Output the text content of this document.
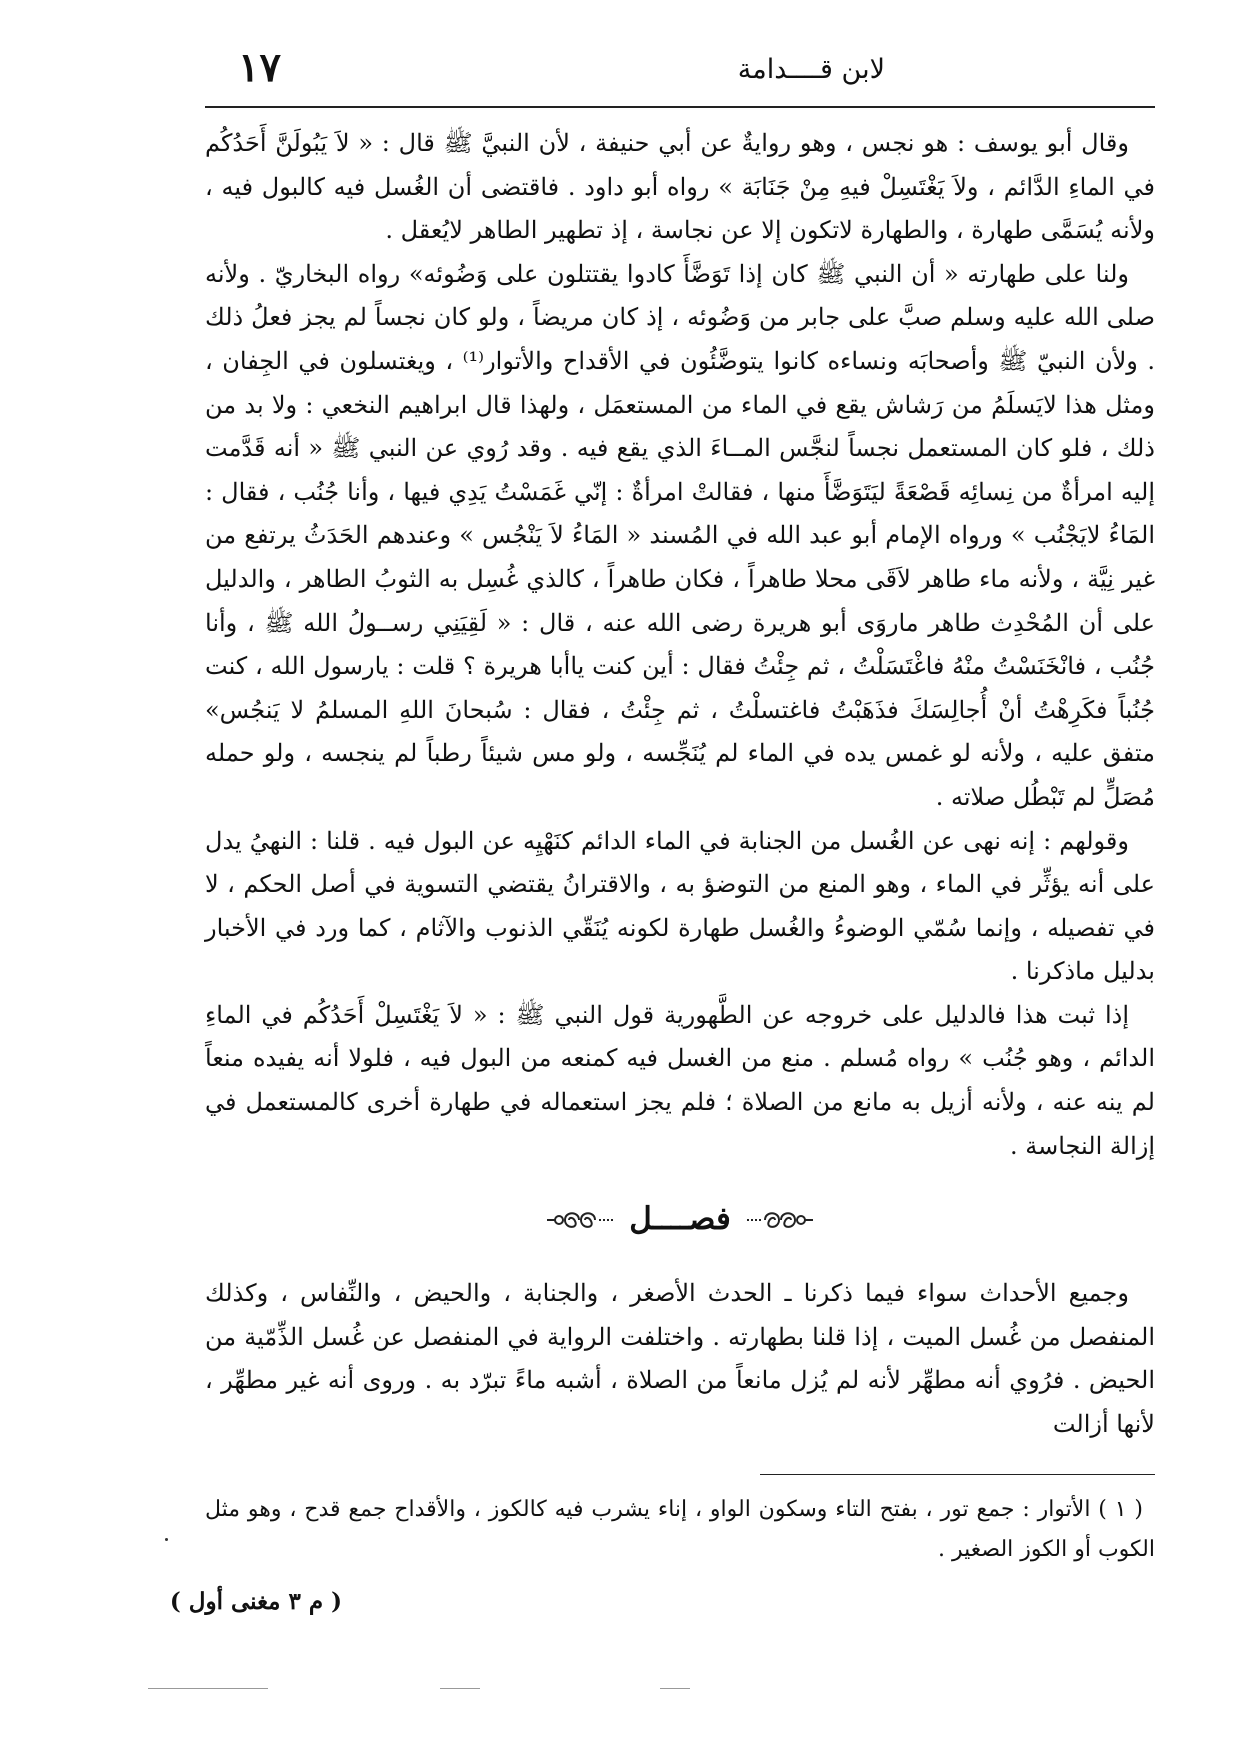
لابن قــــدامة
١٧

وقال أبو يوسف : هو نجس ، وهو روايةٌ عن أبي حنيفة ، لأن النبيَّ ﷺ قال : « لاَ يَبُولَنَّ أَحَدُكُم في الماءِ الدَّائم ، ولاَ يَغْتَسِلْ فيهِ مِنْ جَنَابَة » رواه أبو داود . فاقتضى أن الغُسل فيه كالبول فيه ، ولأنه يُسَمَّى طهارة ، والطهارة لاتكون إلا عن نجاسة ، إذ تطهير الطاهر لايُعقل .

ولنا على طهارته « أن النبي ﷺ كان إذا تَوَضَّأَ كادوا يقتتلون على وَضُوئه» رواه البخاريّ . ولأنه صلى الله عليه وسلم صبَّ على جابر من وَضُوئه ، إذ كان مريضاً ، ولو كان نجساً لم يجز فعلُ ذلك . ولأن النبيّ ﷺ وأصحابَه ونساءه كانوا يتوضَّئُون في الأقداح والأتوار⁽¹⁾ ، ويغتسلون في الجِفان ، ومثل هذا لايَسلَمُ من رَشاش يقع في الماء من المستعمَل ، ولهذا قال ابراهيم النخعي : ولا بد من ذلك ، فلو كان المستعمل نجساً لنجَّس المــاءَ الذي يقع فيه . وقد رُوي عن النبي ﷺ « أنه قَدَّمت إليه امرأةٌ من نِسائِه قَصْعَةً ليَتَوَضَّأَ منها ، فقالتْ امرأةٌ : إنّي غَمَسْتُ يَدِي فيها ، وأنا جُنُب ، فقال : المَاءُ لايَجْنُب » ورواه الإمام أبو عبد الله في المُسند « المَاءُ لاَ يَنْجُس » وعندهم الحَدَثُ يرتفع من غير نِيَّة ، ولأنه ماء طاهر لاَقَى محلا طاهراً ، فكان طاهراً ، كالذي غُسِل به الثوبُ الطاهر ، والدليل على أن المُحْدِث طاهر ماروَى أبو هريرة رضى الله عنه ، قال : « لَقِيَنِي رســولُ الله ﷺ ، وأنا جُنُب ، فانْخَنَسْتُ منْهُ فاغْتَسَلْتُ ، ثم جِئْتُ فقال : أين كنت ياأبا هريرة ؟ قلت : يارسول الله ، كنت جُنُباً فكَرِهْتُ أنْ أُجالِسَكَ فذَهَبْتُ فاغتسلْتُ ، ثم جِئْتُ ، فقال : سُبحانَ اللهِ المسلمُ لا يَنجُس» متفق عليه ، ولأنه لو غمس يده في الماء لم يُنَجِّسه ، ولو مس شيئاً رطباً لم ينجسه ، ولو حمله مُصَلٍّ لم تَبْطُل صلاته .

وقولهم : إنه نهى عن الغُسل من الجنابة في الماء الدائم كنَهْيِه عن البول فيه . قلنا : النهيُ يدل على أنه يؤثِّر في الماء ، وهو المنع من التوضؤ به ، والاقترانُ يقتضي التسوية في أصل الحكم ، لا في تفصيله ، وإنما سُمّي الوضوءُ والغُسل طهارة لكونه يُنَقّي الذنوب والآثام ، كما ورد في الأخبار بدليل ماذكرنا .

إذا ثبت هذا فالدليل على خروجه عن الطَّهورية قول النبي ﷺ : « لاَ يَغْتَسِلْ أَحَدُكُم في الماءِ الدائم ، وهو جُنُب » رواه مُسلم . منع من الغسل فيه كمنعه من البول فيه ، فلولا أنه يفيده منعاً لم ينه عنه ، ولأنه أزيل به مانع من الصلاة ؛ فلم يجز استعماله في طهارة أخرى كالمستعمل في إزالة النجاسة .

فصــــل

وجميع الأحداث سواء فيما ذكرنا ـ الحدث الأصغر ، والجنابة ، والحيض ، والنِّفاس ، وكذلك المنفصل من غُسل الميت ، إذا قلنا بطهارته . واختلفت الرواية في المنفصل عن غُسل الذِّمّية من الحيض . فرُوي أنه مطهِّر لأنه لم يُزل مانعاً من الصلاة ، أشبه ماءً تبرّد به . وروى أنه غير مطهِّر ، لأنها أزالت

( ١ ) الأتوار : جمع تور ، بفتح التاء وسكون الواو ، إناء يشرب فيه كالكوز ، والأقداح جمع قدح ، وهو مثل الكوب أو الكوز الصغير .

( م ٣ مغنى أول )
